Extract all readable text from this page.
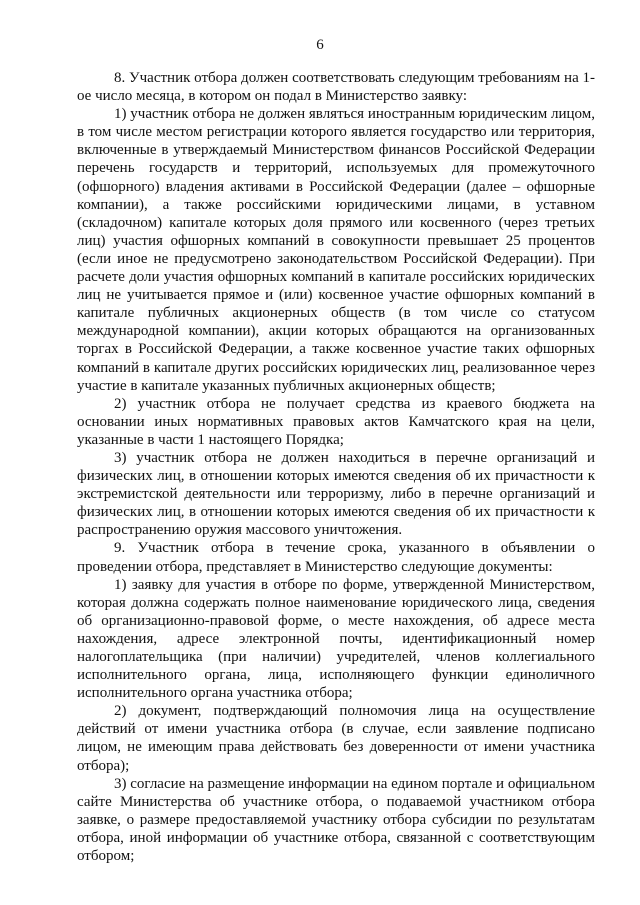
6

8. Участник отбора должен соответствовать следующим требованиям на 1-ое число месяца, в котором он подал в Министерство заявку:

1) участник отбора не должен являться иностранным юридическим лицом, в том числе местом регистрации которого является государство или территория, включенные в утверждаемый Министерством финансов Российской Федерации перечень государств и территорий, используемых для промежуточного (офшорного) владения активами в Российской Федерации (далее – офшорные компании), а также российскими юридическими лицами, в уставном (складочном) капитале которых доля прямого или косвенного (через третьих лиц) участия офшорных компаний в совокупности превышает 25 процентов (если иное не предусмотрено законодательством Российской Федерации). При расчете доли участия офшорных компаний в капитале российских юридических лиц не учитывается прямое и (или) косвенное участие офшорных компаний в капитале публичных акционерных обществ (в том числе со статусом международной компании), акции которых обращаются на организованных торгах в Российской Федерации, а также косвенное участие таких офшорных компаний в капитале других российских юридических лиц, реализованное через участие в капитале указанных публичных акционерных обществ;

2) участник отбора не получает средства из краевого бюджета на основании иных нормативных правовых актов Камчатского края на цели, указанные в части 1 настоящего Порядка;

3) участник отбора не должен находиться в перечне организаций и физических лиц, в отношении которых имеются сведения об их причастности к экстремистской деятельности или терроризму, либо в перечне организаций и физических лиц, в отношении которых имеются сведения об их причастности к распространению оружия массового уничтожения.

9. Участник отбора в течение срока, указанного в объявлении о проведении отбора, представляет в Министерство следующие документы:

1) заявку для участия в отборе по форме, утвержденной Министерством, которая должна содержать полное наименование юридического лица, сведения об организационно-правовой форме, о месте нахождения, об адресе места нахождения, адресе электронной почты, идентификационный номер налогоплательщика (при наличии) учредителей, членов коллегиального исполнительного органа, лица, исполняющего функции единоличного исполнительного органа участника отбора;

2) документ, подтверждающий полномочия лица на осуществление действий от имени участника отбора (в случае, если заявление подписано лицом, не имеющим права действовать без доверенности от имени участника отбора);

3) согласие на размещение информации на едином портале и официальном сайте Министерства об участнике отбора, о подаваемой участником отбора заявке, о размере предоставляемой участнику отбора субсидии по результатам отбора, иной информации об участнике отбора, связанной с соответствующим отбором;
